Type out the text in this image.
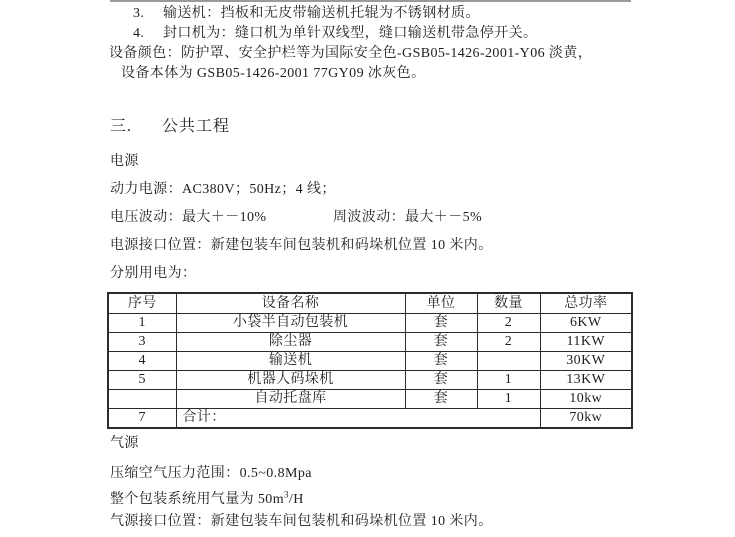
3. 输送机：挡板和无皮带输送机托辊为不锈钢材质。
4. 封口机为：缝口机为单针双线型，缝口输送机带急停开关。
设备颜色：防护罩、安全护栏等为国际安全色-GSB05-1426-2001-Y06 淡黄，
设备本体为 GSB05-1426-2001 77GY09 冰灰色。
三. 公共工程
电源
动力电源：AC380V；50Hz；4 线；
电压波动：最大＋－10%	周波波动：最大＋－5%
电源接口位置：新建包装车间包装机和码垛机位置 10 米内。
分别用电为：
序号	设备名称	单位	数量	总功率
1	小袋半自动包装机	套	2	6KW
3	除尘器	套	2	11KW
4	输送机	套		30KW
5	机器人码垛机	套	1	13KW
	自动托盘库	套	1	10kw
7	合计：			70kw
气源
压缩空气压力范围：0.5~0.8Mpa
整个包装系统用气量为 $50m^3/H$
气源接口位置：新建包装车间包装机和码垛机位置 10 米内。
